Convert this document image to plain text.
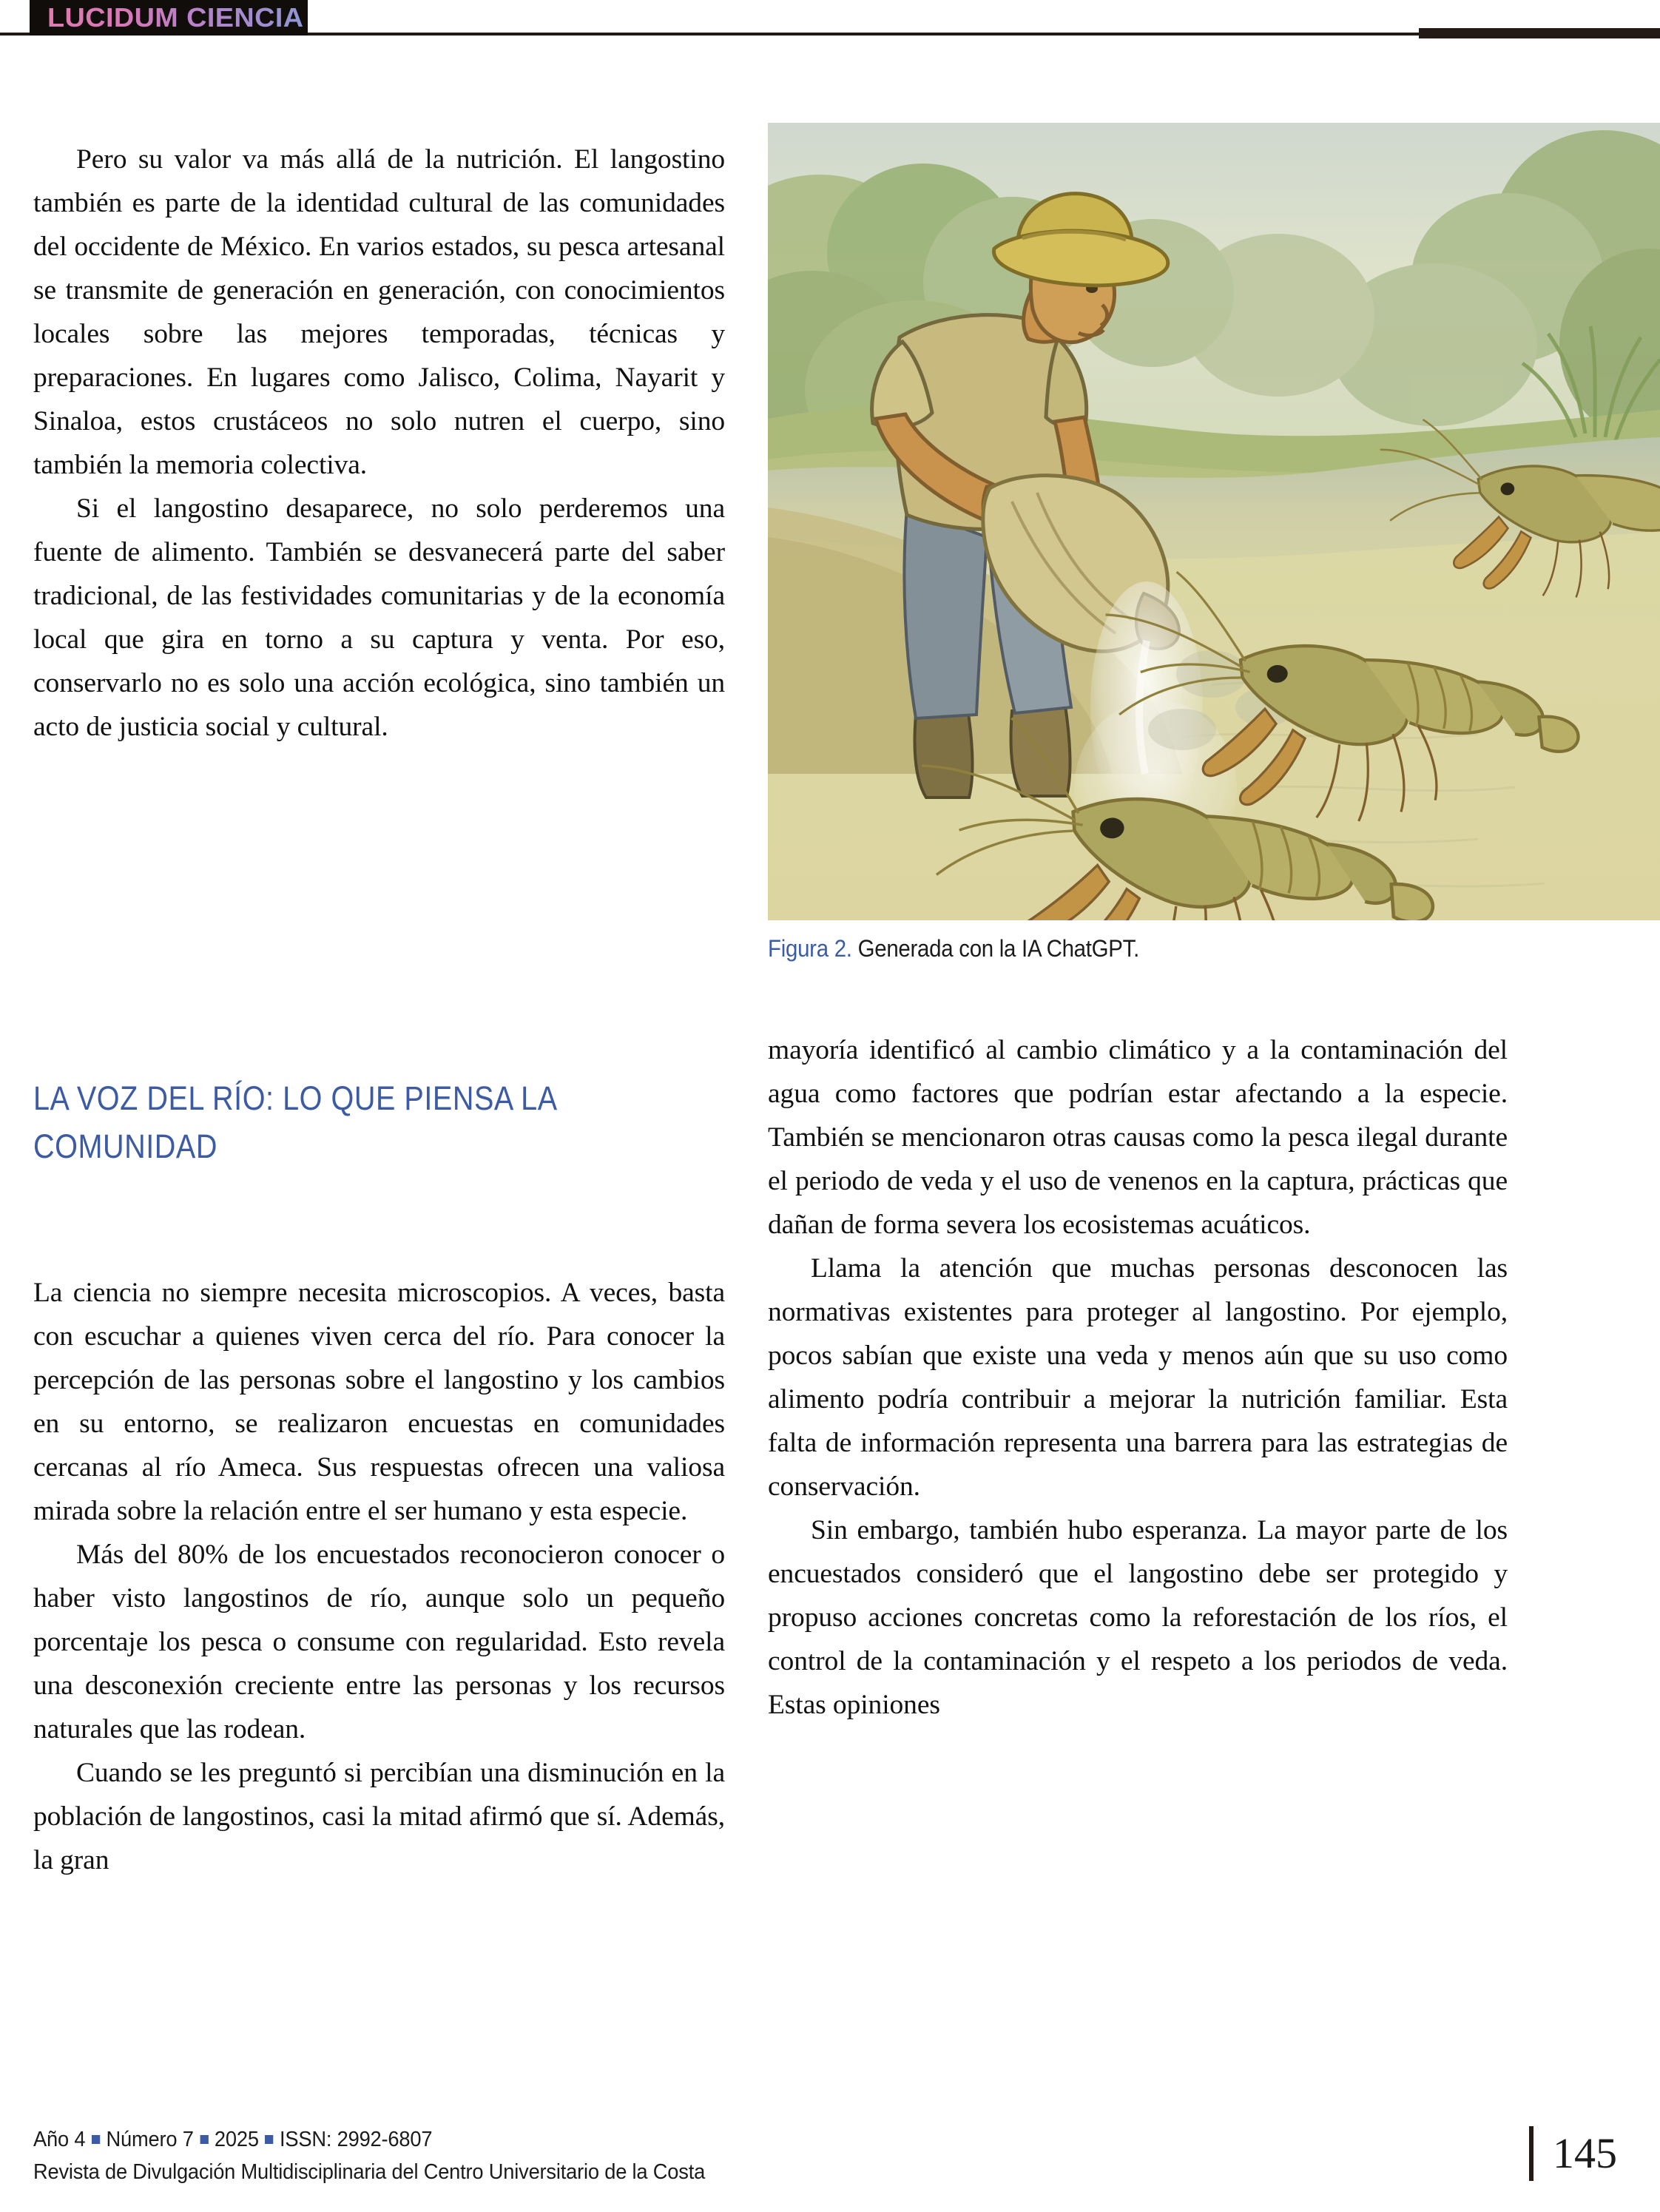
LUCIDUM CIENCIA

Pero su valor va más allá de la nutrición. El langostino también es parte de la identidad cultural de las comunidades del occidente de México. En varios estados, su pesca artesanal se transmite de generación en generación, con conocimientos locales sobre las mejores temporadas, técnicas y preparaciones. En lugares como Jalisco, Colima, Nayarit y Sinaloa, estos crustáceos no solo nutren el cuerpo, sino también la memoria colectiva.

Si el langostino desaparece, no solo perderemos una fuente de alimento. También se desvanecerá parte del saber tradicional, de las festividades comunitarias y de la economía local que gira en torno a su captura y venta. Por eso, conservarlo no es solo una acción ecológica, sino también un acto de justicia social y cultural.

Figura 2. Generada con la IA ChatGPT.
LA VOZ DEL RÍO: LO QUE PIENSA LA COMUNIDAD

La ciencia no siempre necesita microscopios. A veces, basta con escuchar a quienes viven cerca del río. Para conocer la percepción de las personas sobre el langostino y los cambios en su entorno, se realizaron encuestas en comunidades cercanas al río Ameca. Sus respuestas ofrecen una valiosa mirada sobre la relación entre el ser humano y esta especie.

Más del 80% de los encuestados reconocieron conocer o haber visto langostinos de río, aunque solo un pequeño porcentaje los pesca o consume con regularidad. Esto revela una desconexión creciente entre las personas y los recursos naturales que las rodean.

Cuando se les preguntó si percibían una disminución en la población de langostinos, casi la mitad afirmó que sí. Además, la gran

mayoría identificó al cambio climático y a la contaminación del agua como factores que podrían estar afectando a la especie. También se mencionaron otras causas como la pesca ilegal durante el periodo de veda y el uso de venenos en la captura, prácticas que dañan de forma severa los ecosistemas acuáticos.

Llama la atención que muchas personas desconocen las normativas existentes para proteger al langostino. Por ejemplo, pocos sabían que existe una veda y menos aún que su uso como alimento podría contribuir a mejorar la nutrición familiar. Esta falta de información representa una barrera para las estrategias de conservación.

Sin embargo, también hubo esperanza. La mayor parte de los encuestados consideró que el langostino debe ser protegido y propuso acciones concretas como la reforestación de los ríos, el control de la contaminación y el respeto a los periodos de veda. Estas opiniones

Año 4 Número 7 2025 ISSN: 2992-6807
Revista de Divulgación Multidisciplinaria del Centro Universitario de la Costa	145
